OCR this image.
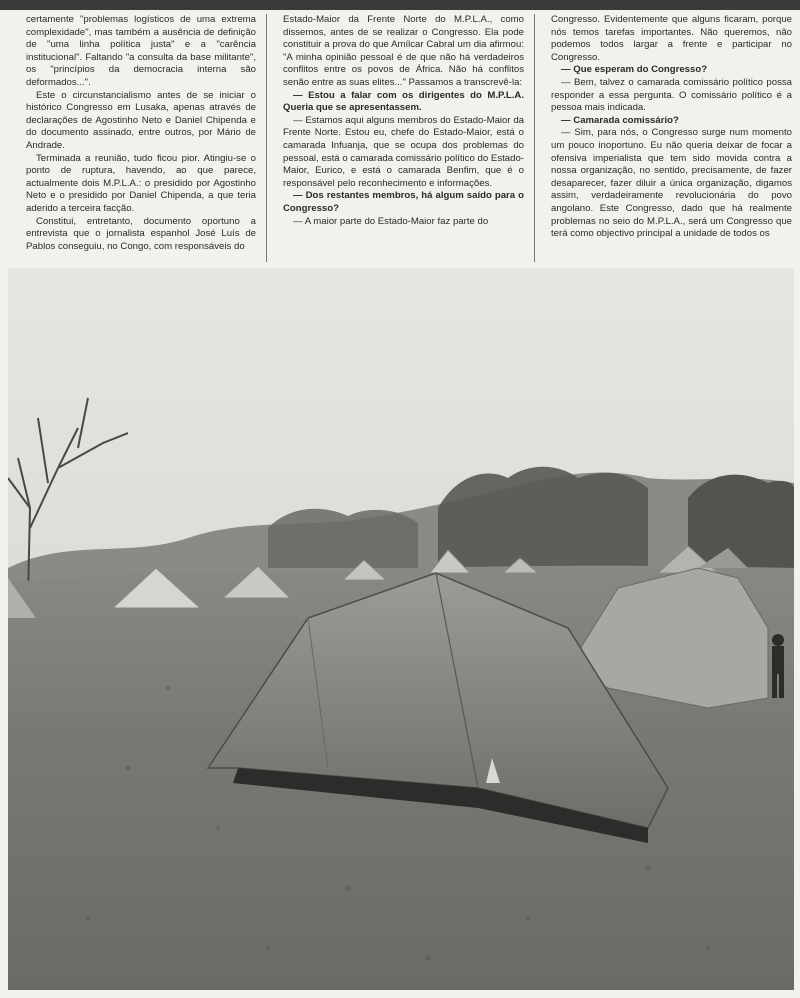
certamente "problemas logísticos de uma extrema complexidade", mas também a ausência de definição de "uma linha política justa" e a "carência institucional". Faltando "a consulta da base militante", os "princípios da democracia interna são deformados...".

Este o circunstancialismo antes de se iniciar o histórico Congresso em Lusaka, apenas através de declarações de Agostinho Neto e Daniel Chipenda e do documento assinado, entre outros, por Mário de Andrade.

Terminada a reunião, tudo ficou pior. Atingiu-se o ponto de ruptura, havendo, ao que parece, actualmente dois M.P.L.A.: o presidido por Agostinho Neto e o presidido por Daniel Chipenda, a que teria aderido a terceira facção.

Constitui, entretanto, documento oportuno a entrevista que o jornalista espanhol José Luís de Pablos conseguiu, no Congo, com responsáveis do

Estado-Maior da Frente Norte do M.P.L.A., como dissemos, antes de se realizar o Congresso. Ela pode constituir a prova do que Amílcar Cabral um dia afirmou: "A minha opinião pessoal é de que não há verdadeiros conflitos entre os povos de África. Não há conflitos senão entre as suas elites..." Passamos a transcrevê-la:

— Estou a falar com os dirigentes do M.P.L.A. Queria que se apresentassem.

— Estamos aqui alguns membros do Estado-Maior da Frente Norte. Estou eu, chefe do Estado-Maior, está o camarada Infuanja, que se ocupa dos problemas do pessoal, está o camarada comissário político do Estado-Maior, Eurico, e está o camarada Benfim, que é o responsável pelo reconhecimento e informações.

— Dos restantes membros, há algum saído para o Congresso?

— A maior parte do Estado-Maior faz parte do

Congresso. Evidentemente que alguns ficaram, porque nós temos tarefas importantes. Não queremos, não podemos todos largar a frente e participar no Congresso.

— Que esperam do Congresso?

— Bem, talvez o camarada comissário político possa responder a essa pergunta. O comissário político é a pessoa mais indicada.

— Camarada comissário?

— Sim, para nós, o Congresso surge num momento um pouco inoportuno. Eu não queria deixar de focar a ofensiva imperialista que tem sido movida contra a nossa organização, no sentido, precisamente, de fazer desaparecer, fazer diluir a única organização, digamos assim, verdadeiramente revolucionária do povo angolano. Este Congresso, dado que há realmente problemas no seio do M.P.L.A., será um Congresso que terá como objectivo principal a unidade de todos os
